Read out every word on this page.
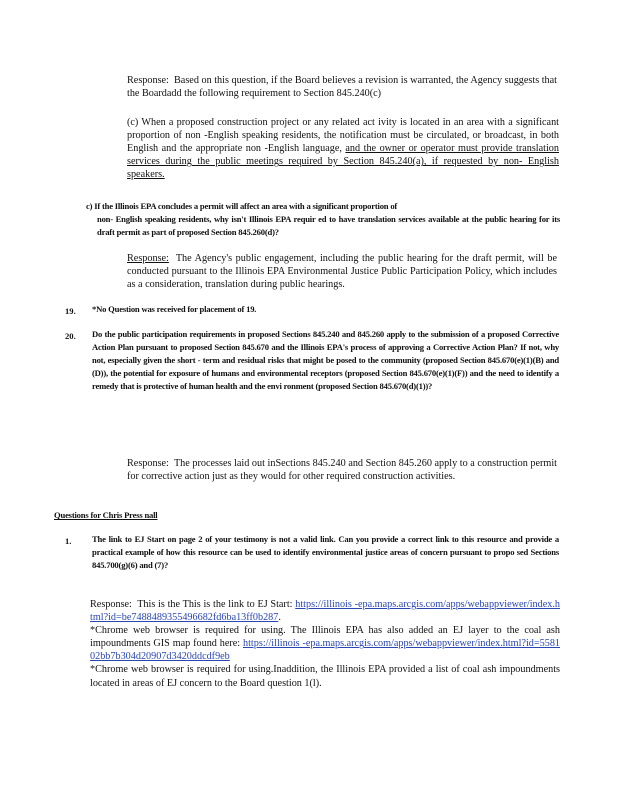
Response: Based on this question, if the Board believes a revision is warranted, the Agency suggests that the Boardadd the following requirement to Section 845.240(c)

(c) When a proposed construction project or any related act ivity is located in an area with a significant proportion of non -English speaking residents, the notification must be circulated, or broadcast, in both English and the appropriate non -English language, and the owner or operator must provide translation services during the public meetings required by Section 845.240(a), if requested by non- English speakers.

c) If the Illinois EPA concludes a permit will affect an area with a significant proportion of

non- English speaking residents, why isn't Illinois EPA requir ed to have translation services available at the public hearing for its draft permit as part of proposed Section 845.260(d)?

Response: The Agency's public engagement, including the public hearing for the draft permit, will be conducted pursuant to the Illinois EPA Environmental Justice Public Participation Policy, which includes as a consideration, translation during public hearings.

19. *No Question was received for placement of 19.
20. Do the public participation requirements in proposed Sections 845.240 and 845.260 apply to the submission of a proposed Corrective Action Plan pursuant to proposed Section 845.670 and the Illinois EPA's process of approving a Corrective Action Plan? If not, why not, especially given the short - term and residual risks that might be posed to the community (proposed Section 845.670(e)(1)(B) and (D)), the potential for exposure of humans and environmental receptors (proposed Section 845.670(e)(1)(F)) and the need to identify a remedy that is protective of human health and the envi ronment (proposed Section 845.670(d)(1))?

Response: The processes laid out inSections 845.240 and Section 845.260 apply to a construction permit for corrective action just as they would for other required construction activities.

Questions for Chris Press nall
1. The link to EJ Start on page 2 of your testimony is not a valid link. Can you provide a correct link to this resource and provide a practical example of how this resource can be used to identify environmental justice areas of concern pursuant to propo sed Sections 845.700(g)(6) and (7)?

Response: This is the This is the link to EJ Start: https://illinois -epa.maps.arcgis.com/apps/webappviewer/index.html?id=be7488489355496682fd6ba13ff0b287.

*Chrome web browser is required for using. The Illinois EPA has also added an EJ layer to the coal ash impoundments GIS map found here: https://illinois -epa.maps.arcgis.com/apps/webappviewer/index.html?id=558102bb7b304d20907d3420ddcdf9eb

*Chrome web browser is required for using.Inaddition, the Illinois EPA provided a list of coal ash impoundments located in areas of EJ concern to the Board question 1(l).
